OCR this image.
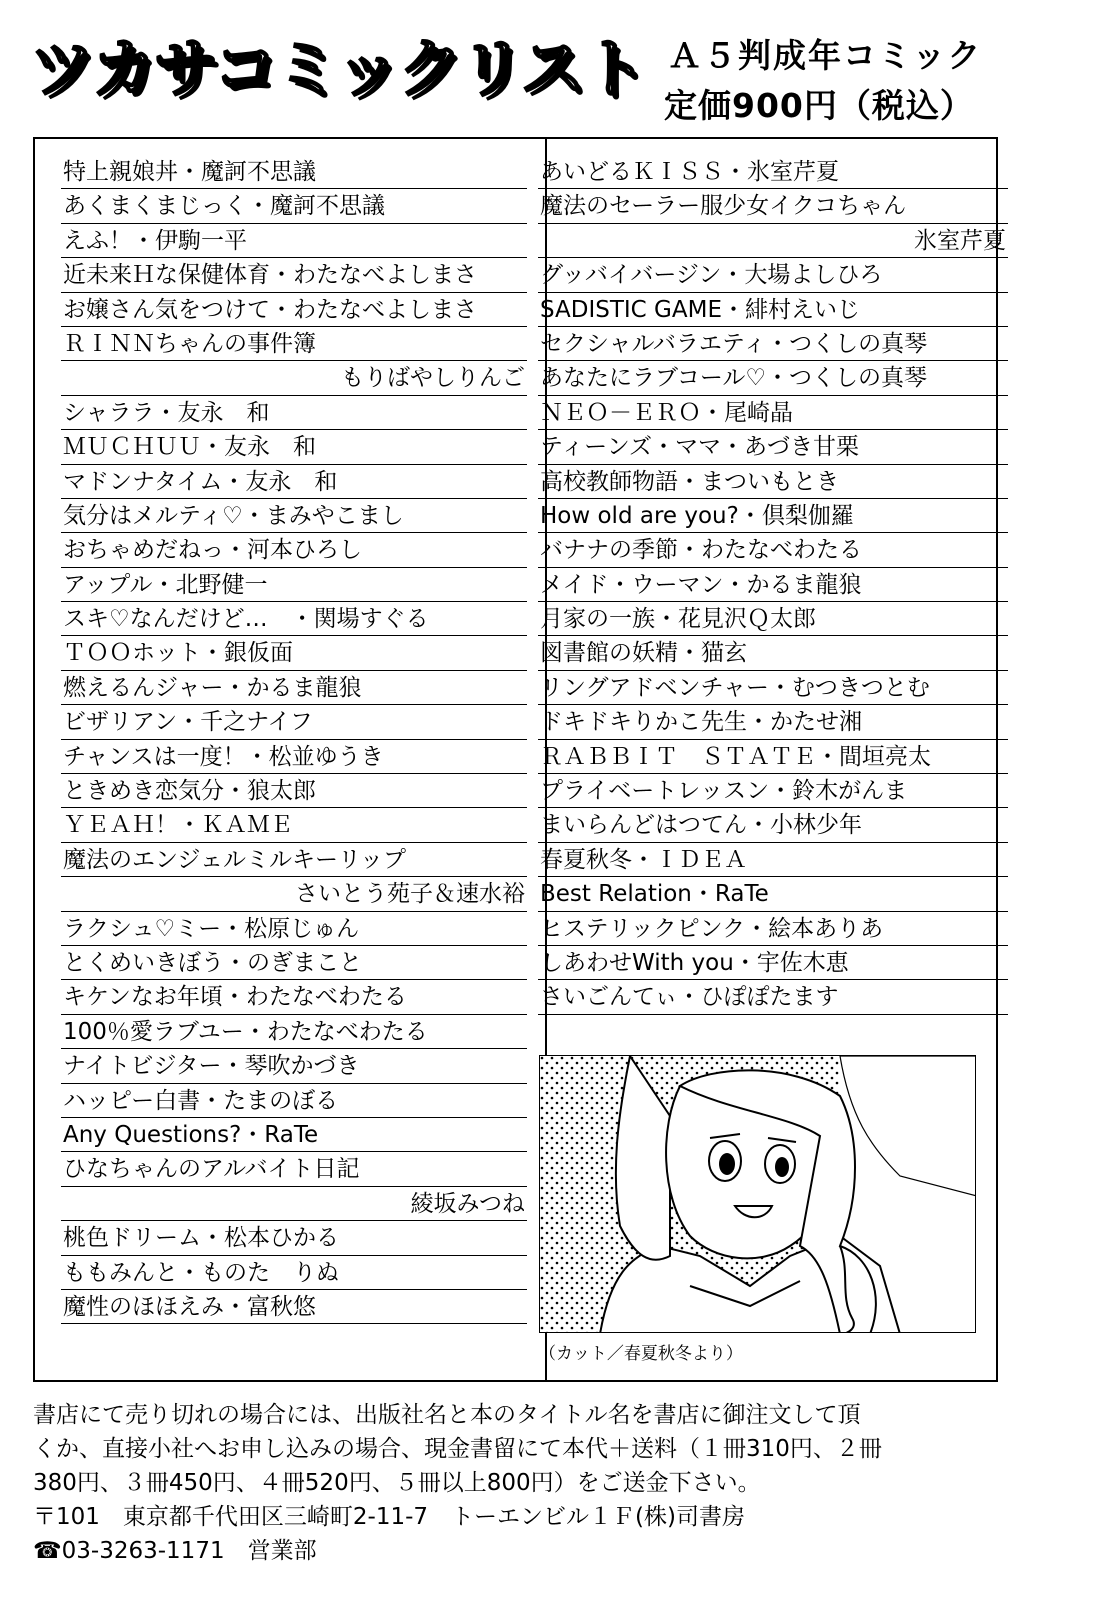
ツカサコミックリスト Ａ５判成年コミック
定価900円（税込）
特上親娘丼・魔訶不思議
あくまくまじっく・魔訶不思議
えふ！・伊駒一平
近未来Ｈな保健体育・わたなべよしまさ
お嬢さん気をつけて・わたなべよしまさ
ＲＩＮＮちゃんの事件簿
もりばやしりんご
シャララ・友永　和
ＭＵＣＨＵＵ・友永　和
マドンナタイム・友永　和
気分はメルティ♡・まみやこまし
おちゃめだねっ・河本ひろし
アップル・北野健一
スキ♡なんだけど…　・関場すぐる
ＴＯＯホット・銀仮面
燃えるんジャー・かるま龍狼
ビザリアン・千之ナイフ
チャンスは一度！・松並ゆうき
ときめき恋気分・狼太郎
ＹＥＡＨ！・ＫＡＭＥ
魔法のエンジェルミルキーリップ
さいとう苑子＆速水裕
ラクシュ♡ミー・松原じゅん
とくめいきぼう・のぎまこと
キケンなお年頃・わたなべわたる
100％愛ラブユー・わたなべわたる
ナイトビジター・琴吹かづき
ハッピー白書・たまのぼる
Any Questions?・RaTe
ひなちゃんのアルバイト日記
綾坂みつね
桃色ドリーム・松本ひかる
ももみんと・ものた　りぬ
魔性のほほえみ・富秋悠
あいどるＫＩＳＳ・氷室芹夏
魔法のセーラー服少女イクコちゃん
氷室芹夏
グッバイバージン・大場よしひろ
SADISTIC GAME・緋村えいじ
セクシャルバラエティ・つくしの真琴
あなたにラブコール♡・つくしの真琴
ＮＥＯ－ＥＲＯ・尾崎晶
ティーンズ・ママ・あづき甘栗
高校教師物語・まついもとき
How old are you?・倶梨伽羅
バナナの季節・わたなべわたる
メイド・ウーマン・かるま龍狼
月家の一族・花見沢Ｑ太郎
図書館の妖精・猫玄
リングアドベンチャー・むつきつとむ
ドキドキりかこ先生・かたせ湘
ＲＡＢＢＩＴ　ＳＴＡＴＥ・間垣亮太
プライベートレッスン・鈴木がんま
まいらんどはつてん・小林少年
春夏秋冬・ＩＤＥＡ
Best Relation・RaTe
ヒステリックピンク・絵本ありあ
しあわせWith you・宇佐木恵
さいごんてぃ・ひぽぽたます
（カット／春夏秋冬より）

書店にて売り切れの場合には、出版社名と本のタイトル名を書店に御注文して頂

くか、直接小社へお申し込みの場合、現金書留にて本代＋送料（１冊310円、２冊

380円、３冊450円、４冊520円、５冊以上800円）をご送金下さい。

〒101　東京都千代田区三崎町2-11-7　トーエンビル１Ｆ(株)司書房

☎03-3263-1171　営業部
